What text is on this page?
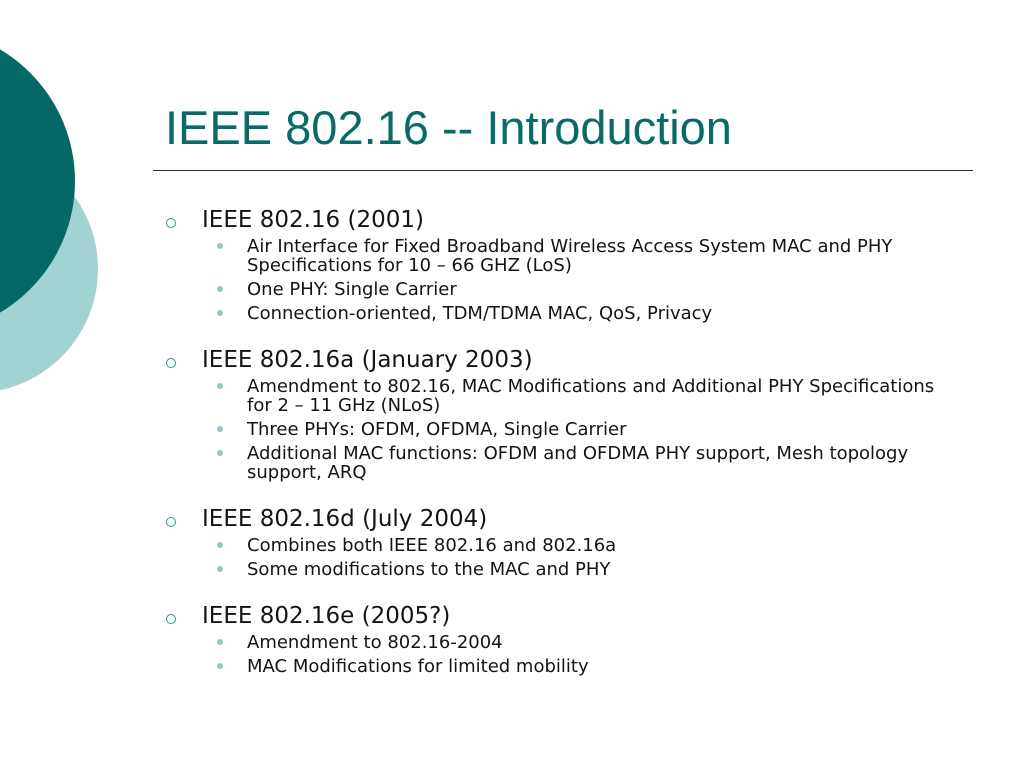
IEEE 802.16 -- Introduction
IEEE 802.16 (2001)
Air Interface for Fixed Broadband Wireless Access System MAC and PHY Specifications for 10 – 66 GHZ (LoS)
One PHY: Single Carrier
Connection-oriented, TDM/TDMA MAC, QoS, Privacy
IEEE 802.16a (January 2003)
Amendment to 802.16, MAC Modifications and Additional PHY Specifications for 2 – 11 GHz (NLoS)
Three PHYs: OFDM, OFDMA, Single Carrier
Additional MAC functions: OFDM and OFDMA PHY support, Mesh topology support, ARQ
IEEE 802.16d (July 2004)
Combines both IEEE 802.16 and 802.16a
Some modifications to the MAC and PHY
IEEE 802.16e (2005?)
Amendment to 802.16-2004
MAC Modifications for limited mobility
